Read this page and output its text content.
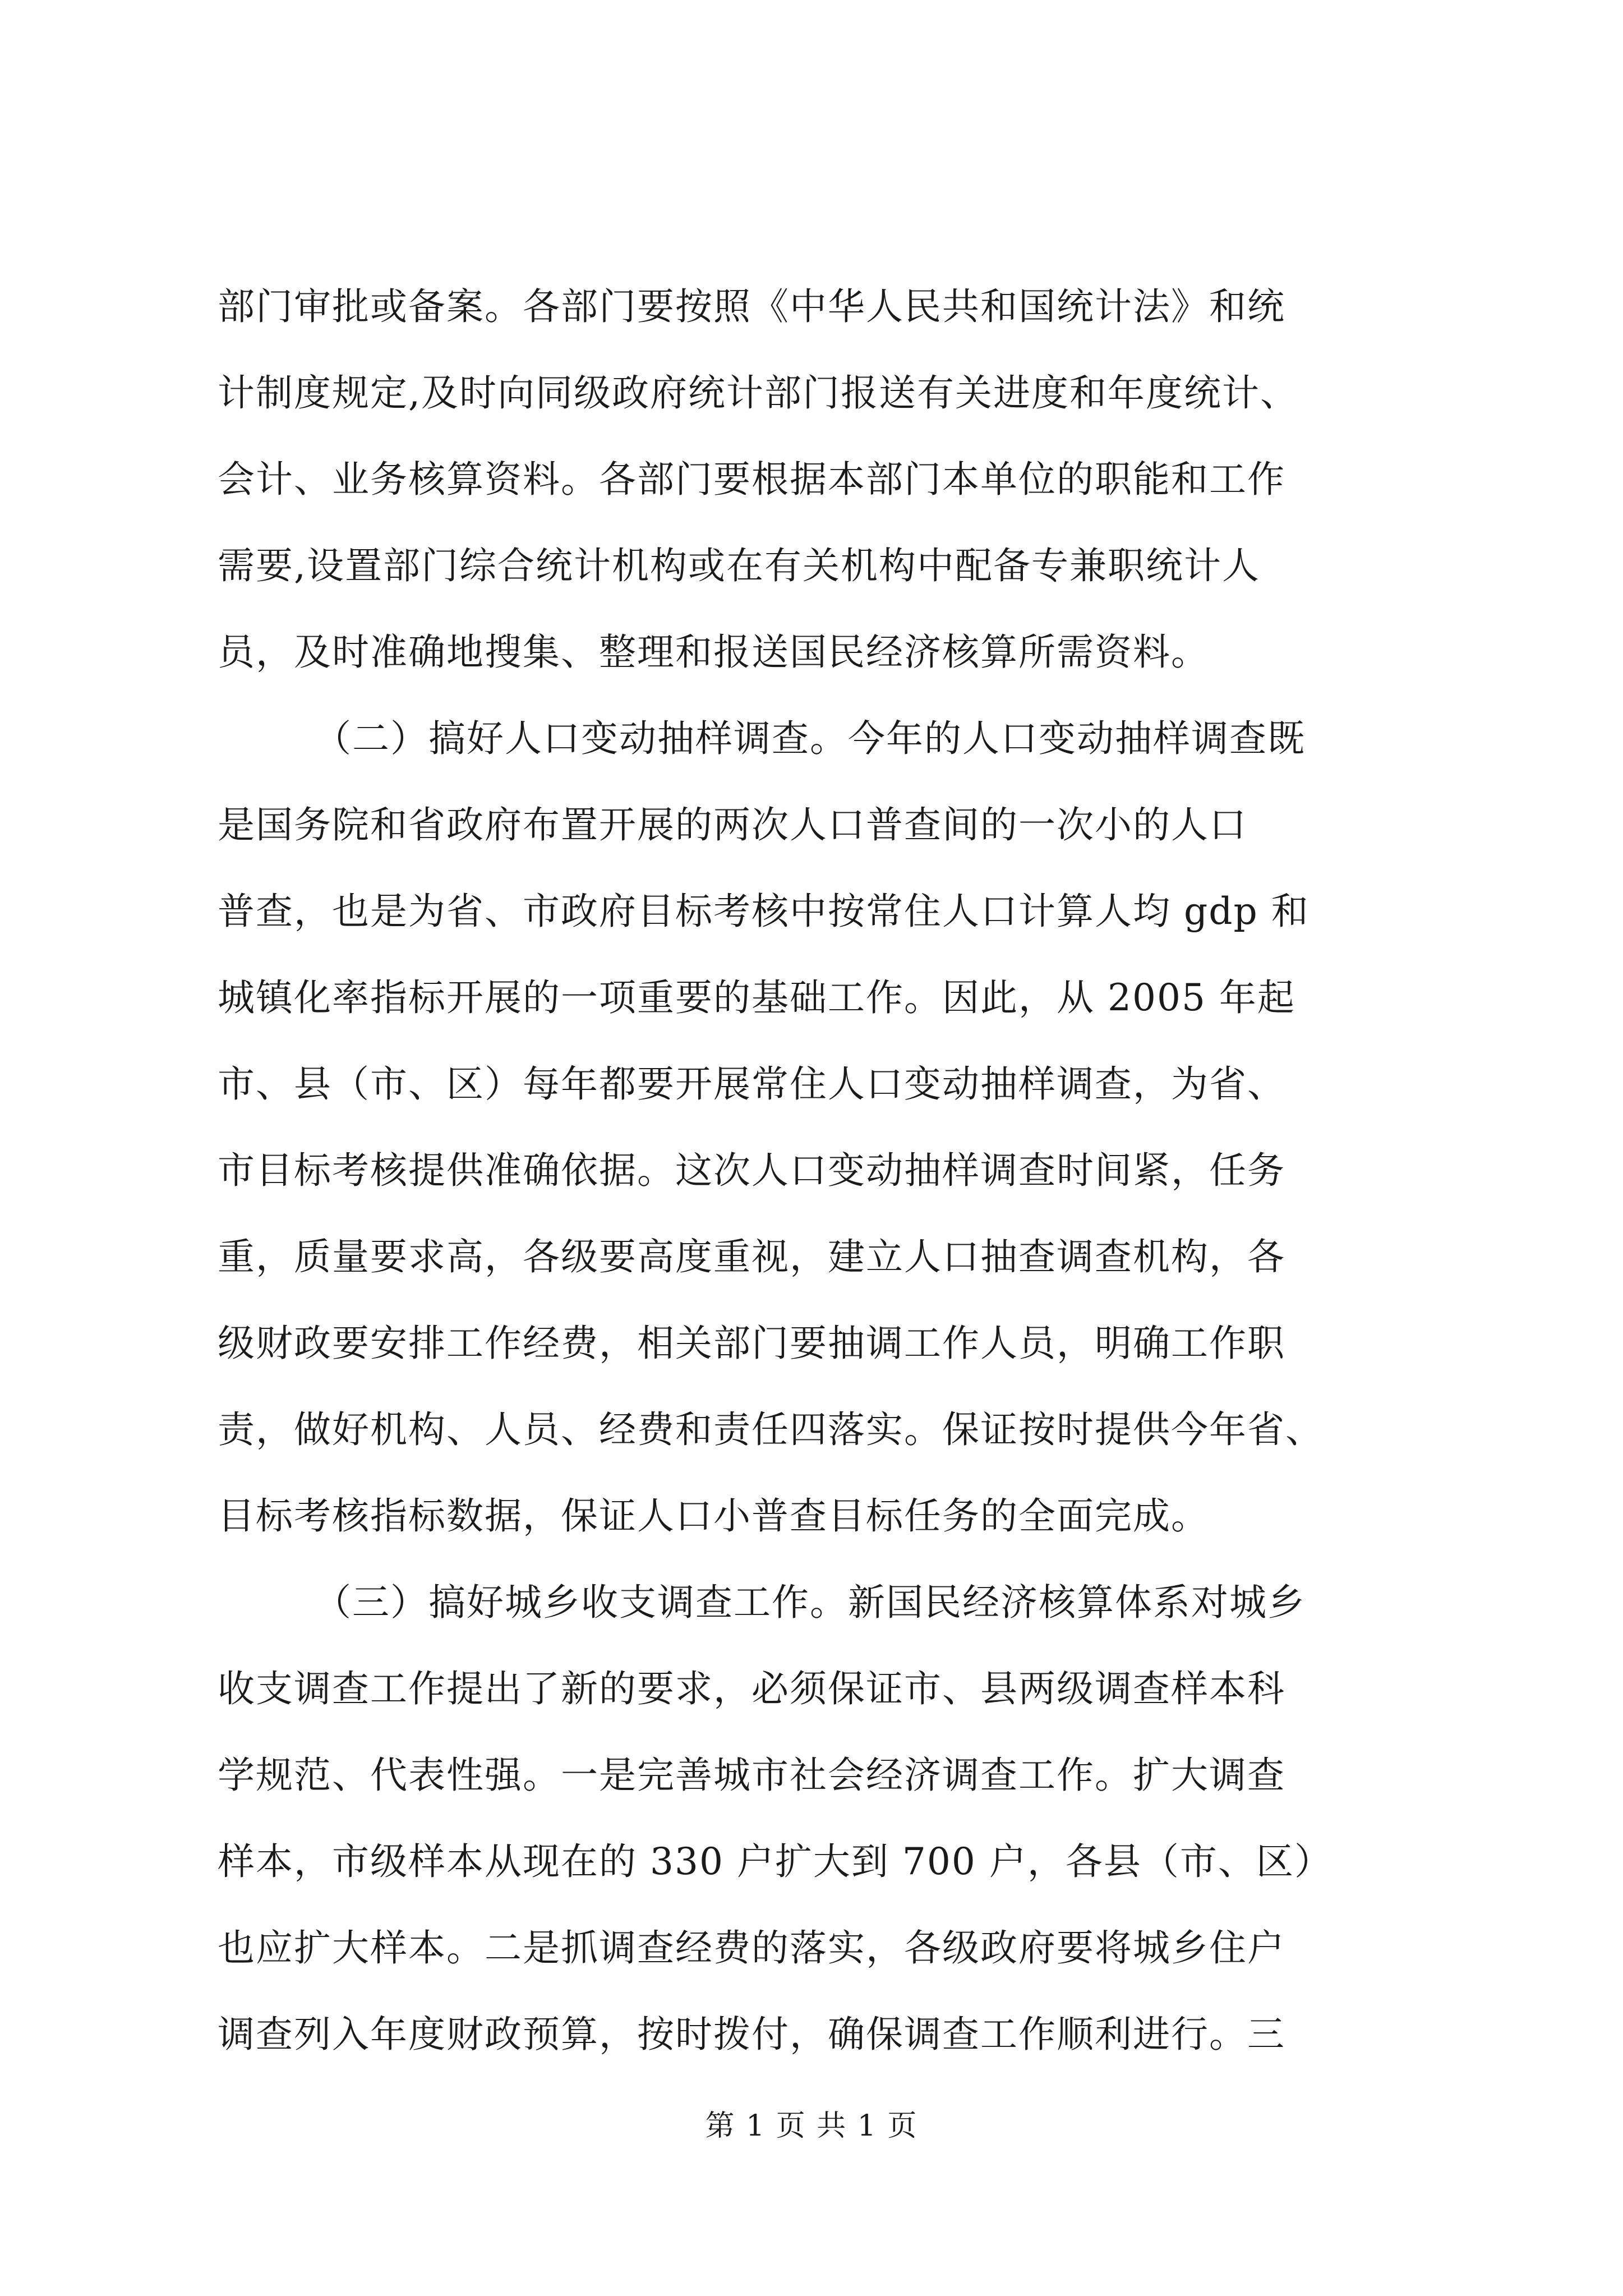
部门审批或备案。各部门要按照《中华人民共和国统计法》和统
计制度规定,及时向同级政府统计部门报送有关进度和年度统计、
会计、业务核算资料。各部门要根据本部门本单位的职能和工作
需要,设置部门综合统计机构或在有关机构中配备专兼职统计人
员，及时准确地搜集、整理和报送国民经济核算所需资料。
（二）搞好人口变动抽样调查。今年的人口变动抽样调查既
是国务院和省政府布置开展的两次人口普查间的一次小的人口
普查，也是为省、市政府目标考核中按常住人口计算人均 gdp 和
城镇化率指标开展的一项重要的基础工作。因此，从 2005 年起
市、县（市、区）每年都要开展常住人口变动抽样调查，为省、
市目标考核提供准确依据。这次人口变动抽样调查时间紧，任务
重，质量要求高，各级要高度重视，建立人口抽查调查机构，各
级财政要安排工作经费，相关部门要抽调工作人员，明确工作职
责，做好机构、人员、经费和责任四落实。保证按时提供今年省、
目标考核指标数据，保证人口小普查目标任务的全面完成。
（三）搞好城乡收支调查工作。新国民经济核算体系对城乡
收支调查工作提出了新的要求，必须保证市、县两级调查样本科
学规范、代表性强。一是完善城市社会经济调查工作。扩大调查
样本，市级样本从现在的 330 户扩大到 700 户，各县（市、区）
也应扩大样本。二是抓调查经费的落实，各级政府要将城乡住户
调查列入年度财政预算，按时拨付，确保调查工作顺利进行。三
第 1 页 共 1 页
